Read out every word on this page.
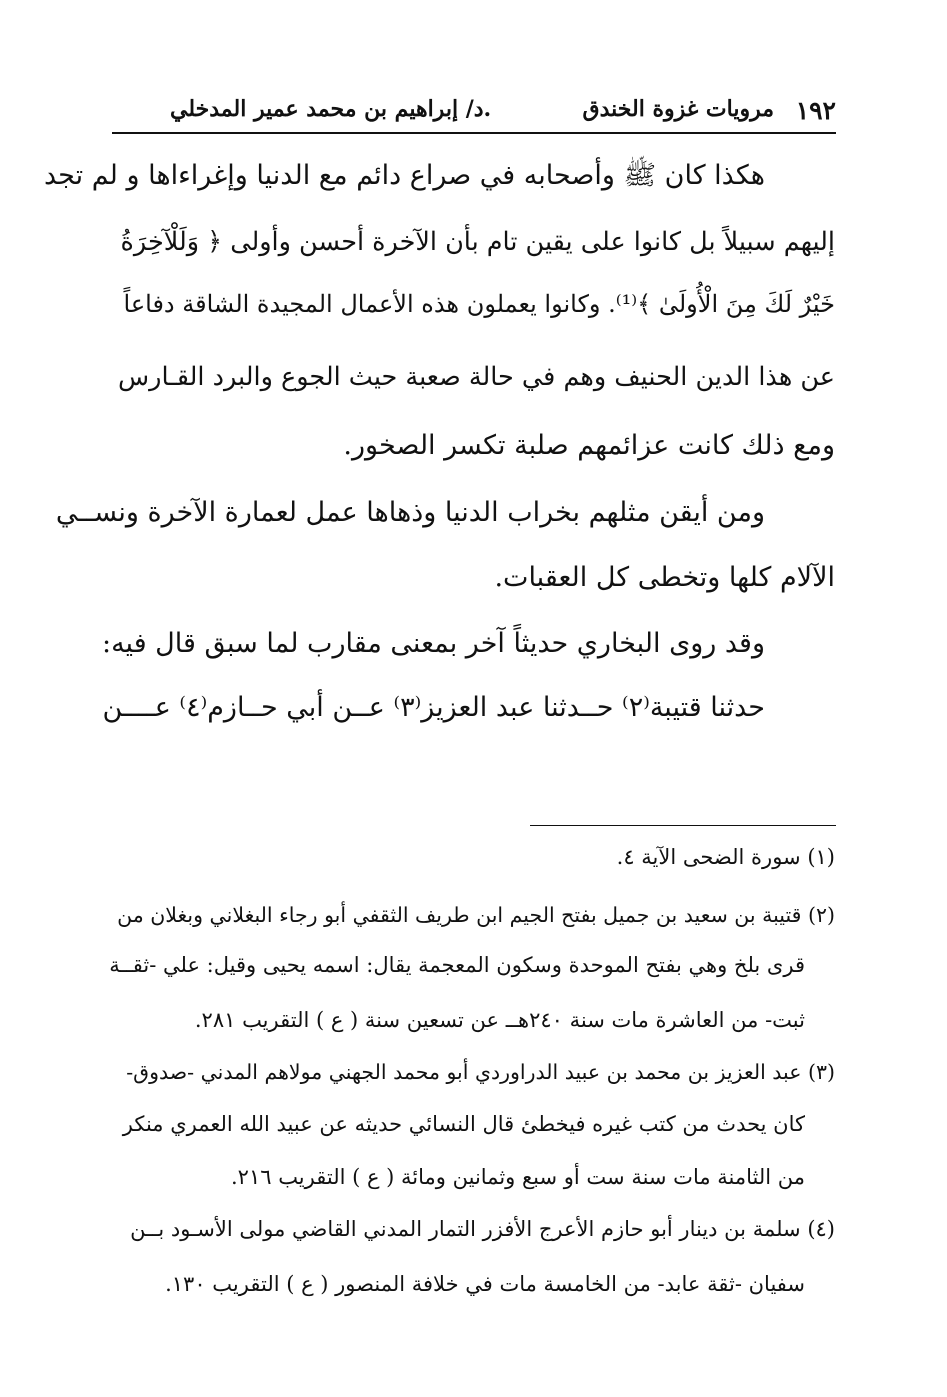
١٩٢
مرويات غزوة الخندق
د/ إبراهيم بن محمد عمير المدخلي.
هكذا كان ﷺ وأصحابه في صراع دائم مع الدنيا وإغراءاها و لم تجد
إليهم سبيلاً بل كانوا على يقين تام بأن الآخرة أحسن وأولى ﴿ وَلَلْآخِرَةُ
خَيْرٌ لَكَ مِنَ الْأُولَىٰ ﴾⁽¹⁾. وكانوا يعملون هذه الأعمال المجيدة الشاقة دفاعاً
عن هذا الدين الحنيف وهم في حالة صعبة حيث الجوع والبرد القـارس
ومع ذلك كانت عزائمهم صلبة تكسر الصخور.
ومن أيقن مثلهم بخراب الدنيا وذهاها عمل لعمارة الآخرة ونســي
الآلام كلها وتخطى كل العقبات.
وقد روى البخاري حديثاً آخر بمعنى مقارب لما سبق قال فيه:
حدثنا قتيبة⁽٢⁾ حــدثنا عبد العزيز⁽٣⁾ عــن أبي حــازم⁽٤⁾ عــــن
(١) سورة الضحى الآية ٤.
(٢) قتيبة بن سعيد بن جميل بفتح الجيم ابن طريف الثقفي أبو رجاء البغلاني وبغلان من
قرى بلخ وهي بفتح الموحدة وسكون المعجمة يقال: اسمه يحيى وقيل: علي -ثقــة
ثبت- من العاشرة مات سنة ٢٤٠هــ عن تسعين سنة ( ع ) التقريب ٢٨١.
(٣) عبد العزيز بن محمد بن عبيد الدراوردي أبو محمد الجهني مولاهم المدني -صدوق-
كان يحدث من كتب غيره فيخطئ قال النسائي حديثه عن عبيد الله العمري منكر
من الثامنة مات سنة ست أو سبع وثمانين ومائة ( ع ) التقريب ٢١٦.
(٤) سلمة بن دينار أبو حازم الأعرج الأفزر التمار المدني القاضي مولى الأسـود بــن
سفيان -ثقة عابد- من الخامسة مات في خلافة المنصور ( ع ) التقريب ١٣٠.
